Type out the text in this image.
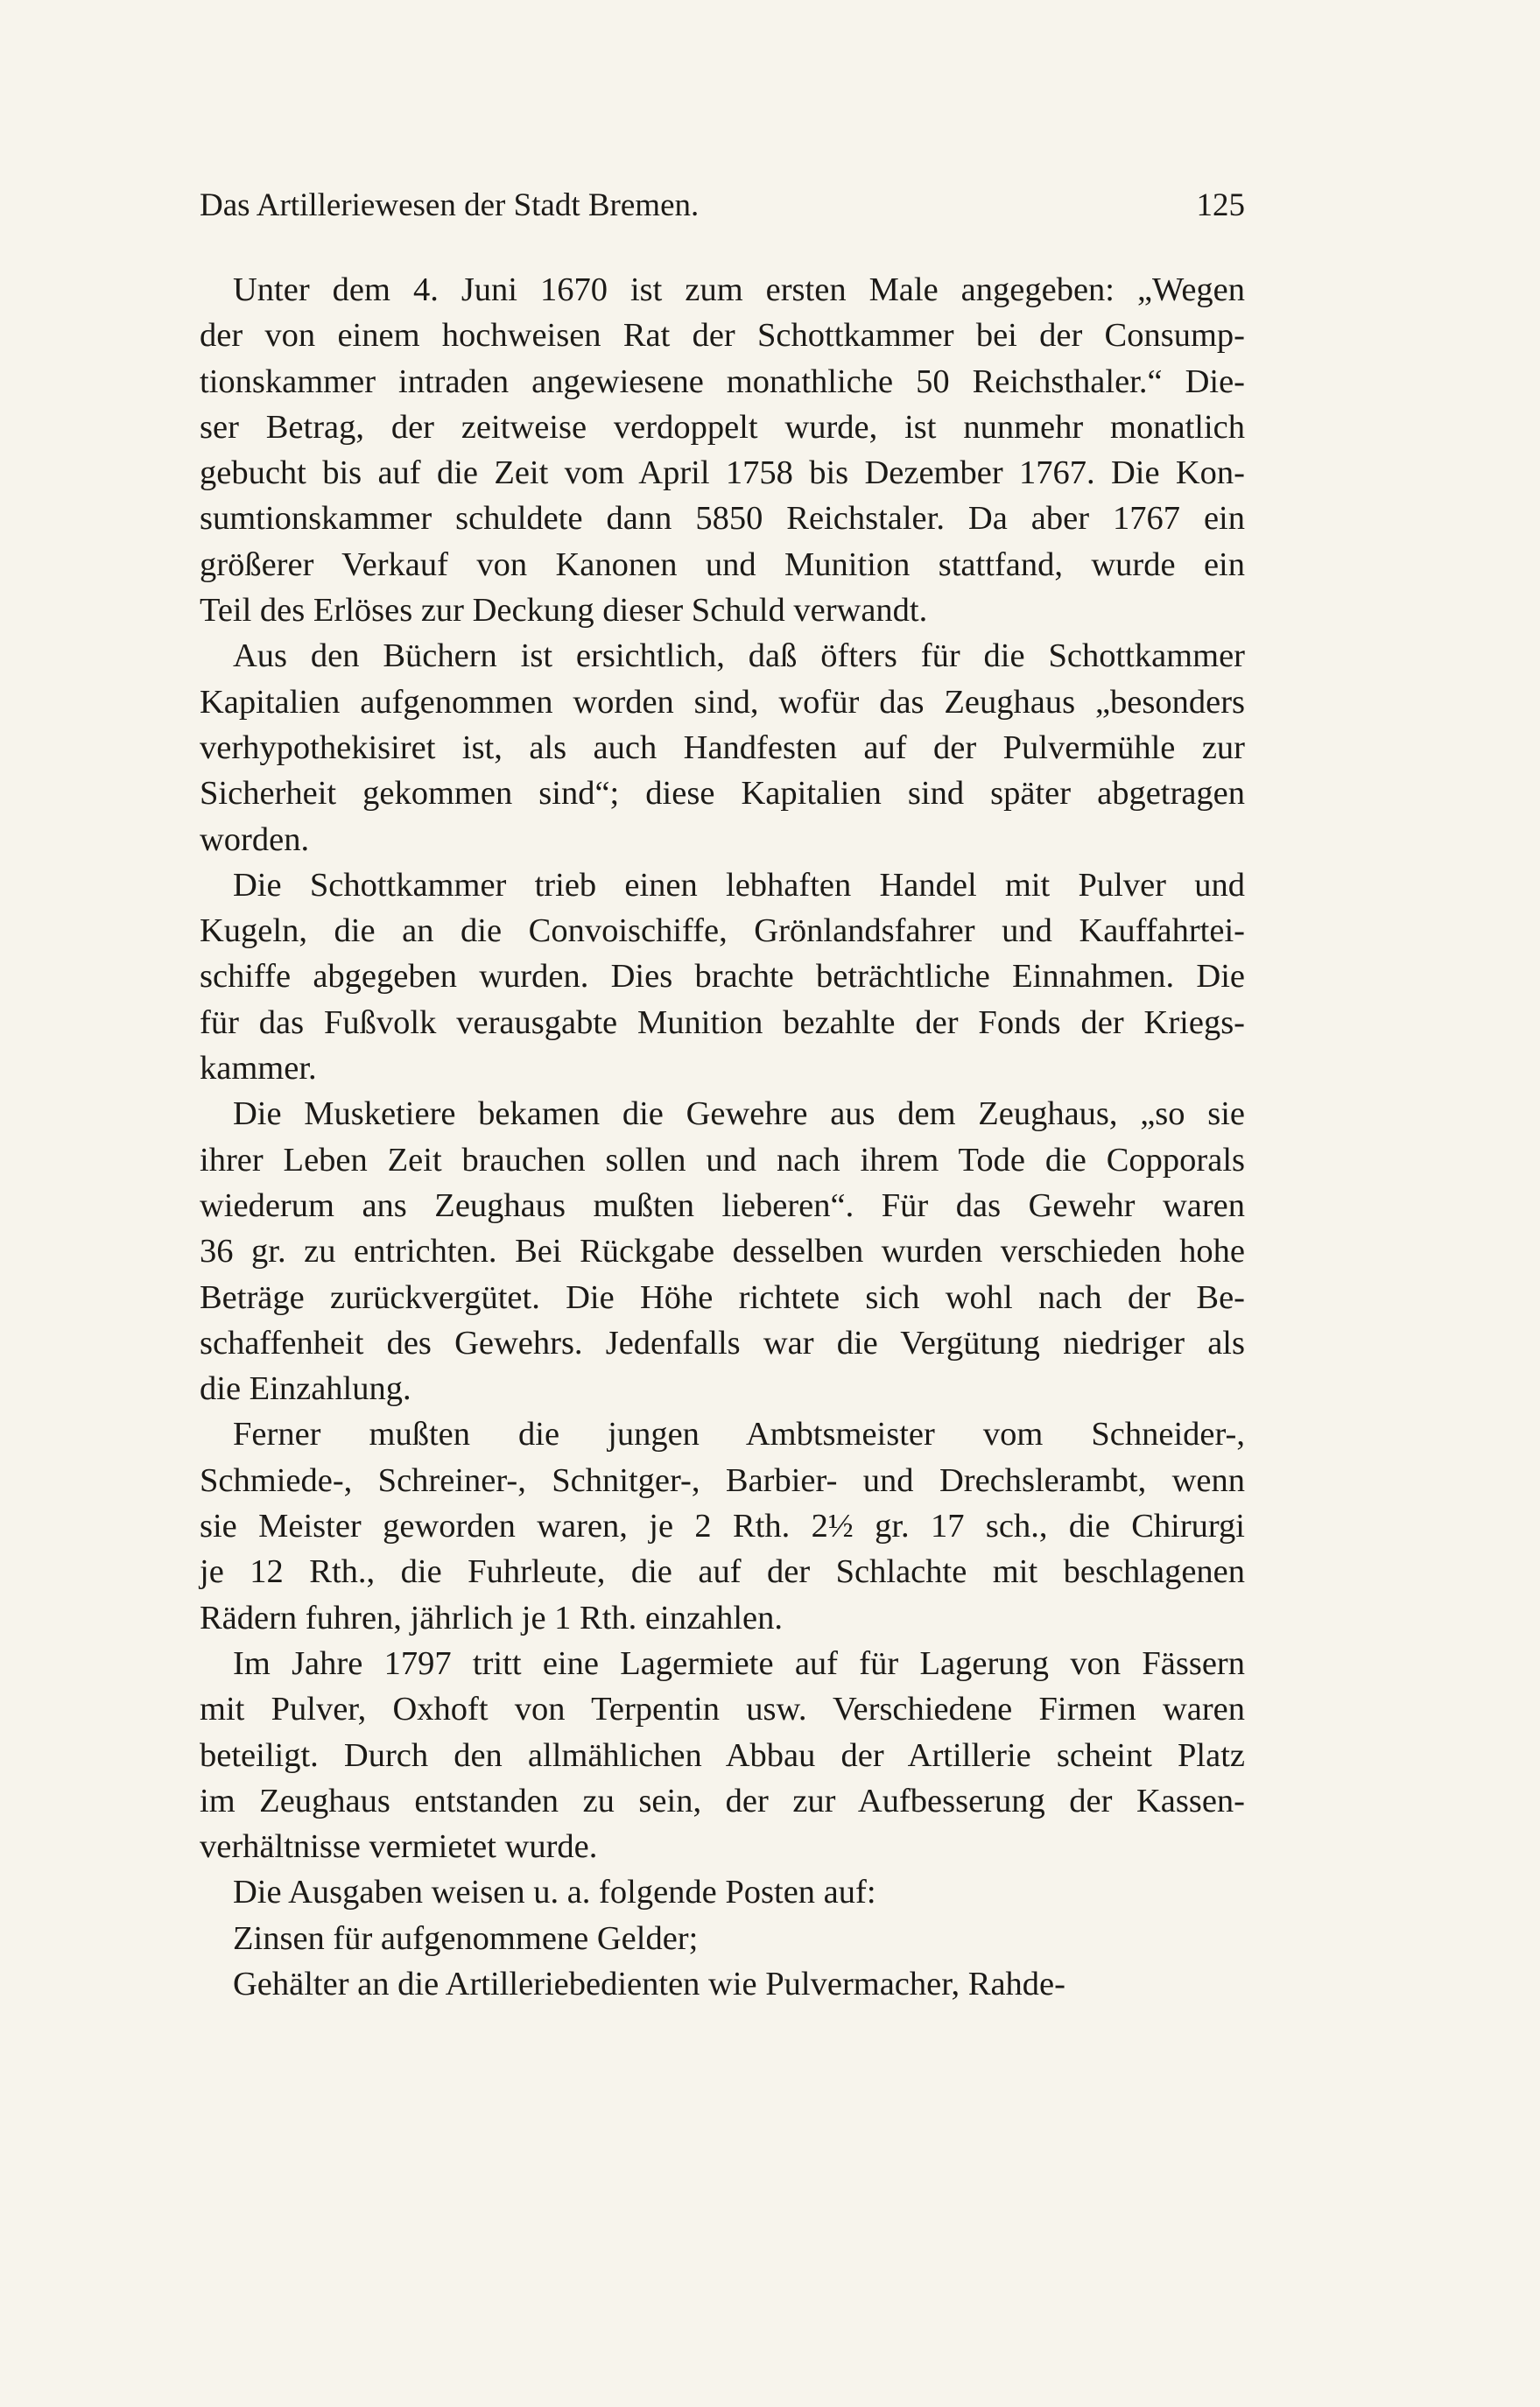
Das Artilleriewesen der Stadt Bremen.	125
Unter dem 4. Juni 1670 ist zum ersten Male angegeben: „Wegen
der von einem hochweisen Rat der Schottkammer bei der Consump-
tionskammer intraden angewiesene monathliche 50 Reichsthaler.“ Die-
ser Betrag, der zeitweise verdoppelt wurde, ist nunmehr monatlich
gebucht bis auf die Zeit vom April 1758 bis Dezember 1767. Die Kon-
sumtionskammer schuldete dann 5850 Reichstaler. Da aber 1767 ein
größerer Verkauf von Kanonen und Munition stattfand, wurde ein
Teil des Erlöses zur Deckung dieser Schuld verwandt.
Aus den Büchern ist ersichtlich, daß öfters für die Schottkammer
Kapitalien aufgenommen worden sind, wofür das Zeughaus „besonders
verhypothekisiret ist, als auch Handfesten auf der Pulvermühle zur
Sicherheit gekommen sind“; diese Kapitalien sind später abgetragen
worden.
Die Schottkammer trieb einen lebhaften Handel mit Pulver und
Kugeln, die an die Convoischiffe, Grönlandsfahrer und Kauffahrtei-
schiffe abgegeben wurden. Dies brachte beträchtliche Einnahmen. Die
für das Fußvolk verausgabte Munition bezahlte der Fonds der Kriegs-
kammer.
Die Musketiere bekamen die Gewehre aus dem Zeughaus, „so sie
ihrer Leben Zeit brauchen sollen und nach ihrem Tode die Copporals
wiederum ans Zeughaus mußten lieberen“. Für das Gewehr waren
36 gr. zu entrichten. Bei Rückgabe desselben wurden verschieden hohe
Beträge zurückvergütet. Die Höhe richtete sich wohl nach der Be-
schaffenheit des Gewehrs. Jedenfalls war die Vergütung niedriger als
die Einzahlung.
Ferner mußten die jungen Ambtsmeister vom Schneider-,
Schmiede-, Schreiner-, Schnitger-, Barbier- und Drechslerambt, wenn
sie Meister geworden waren, je 2 Rth. 2½ gr. 17 sch., die Chirurgi
je 12 Rth., die Fuhrleute, die auf der Schlachte mit beschlagenen
Rädern fuhren, jährlich je 1 Rth. einzahlen.
Im Jahre 1797 tritt eine Lagermiete auf für Lagerung von Fässern
mit Pulver, Oxhoft von Terpentin usw. Verschiedene Firmen waren
beteiligt. Durch den allmählichen Abbau der Artillerie scheint Platz
im Zeughaus entstanden zu sein, der zur Aufbesserung der Kassen-
verhältnisse vermietet wurde.
Die Ausgaben weisen u. a. folgende Posten auf:
Zinsen für aufgenommene Gelder;
Gehälter an die Artilleriebedienten wie Pulvermacher, Rahde-
